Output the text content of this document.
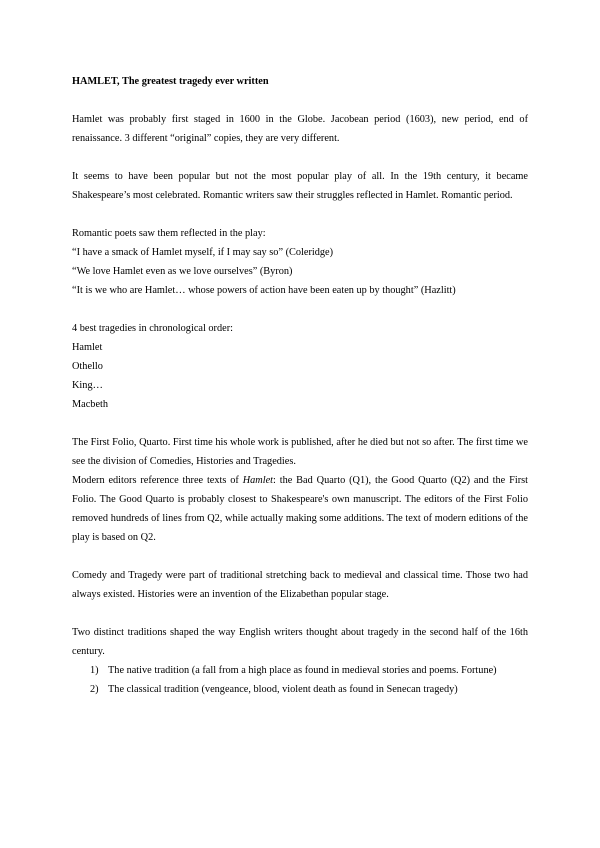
HAMLET, The greatest tragedy ever written

Hamlet was probably first staged in 1600 in the Globe. Jacobean period (1603), new period, end of renaissance. 3 different “original” copies, they are very different.

It seems to have been popular but not the most popular play of all. In the 19th century, it became Shakespeare’s most celebrated. Romantic writers saw their struggles reflected in Hamlet. Romantic period.

Romantic poets saw them reflected in the play:

“I have a smack of Hamlet myself, if I may say so” (Coleridge)

“We love Hamlet even as we love ourselves” (Byron)

“It is we who are Hamlet… whose powers of action have been eaten up by thought” (Hazlitt)

4 best tragedies in chronological order:

Hamlet

Othello

King…

Macbeth

The First Folio, Quarto. First time his whole work is published, after he died but not so after. The first time we see the division of Comedies, Histories and Tragedies.

Modern editors reference three texts of Hamlet: the Bad Quarto (Q1), the Good Quarto (Q2) and the First Folio. The Good Quarto is probably closest to Shakespeare's own manuscript. The editors of the First Folio removed hundreds of lines from Q2, while actually making some additions. The text of modern editions of the play is based on Q2.

Comedy and Tragedy were part of traditional stretching back to medieval and classical time. Those two had always existed. Histories were an invention of the Elizabethan popular stage.

Two distinct traditions shaped the way English writers thought about tragedy in the second half of the 16th century.

1) The native tradition (a fall from a high place as found in medieval stories and poems. Fortune)
2) The classical tradition (vengeance, blood, violent death as found in Senecan tragedy)
